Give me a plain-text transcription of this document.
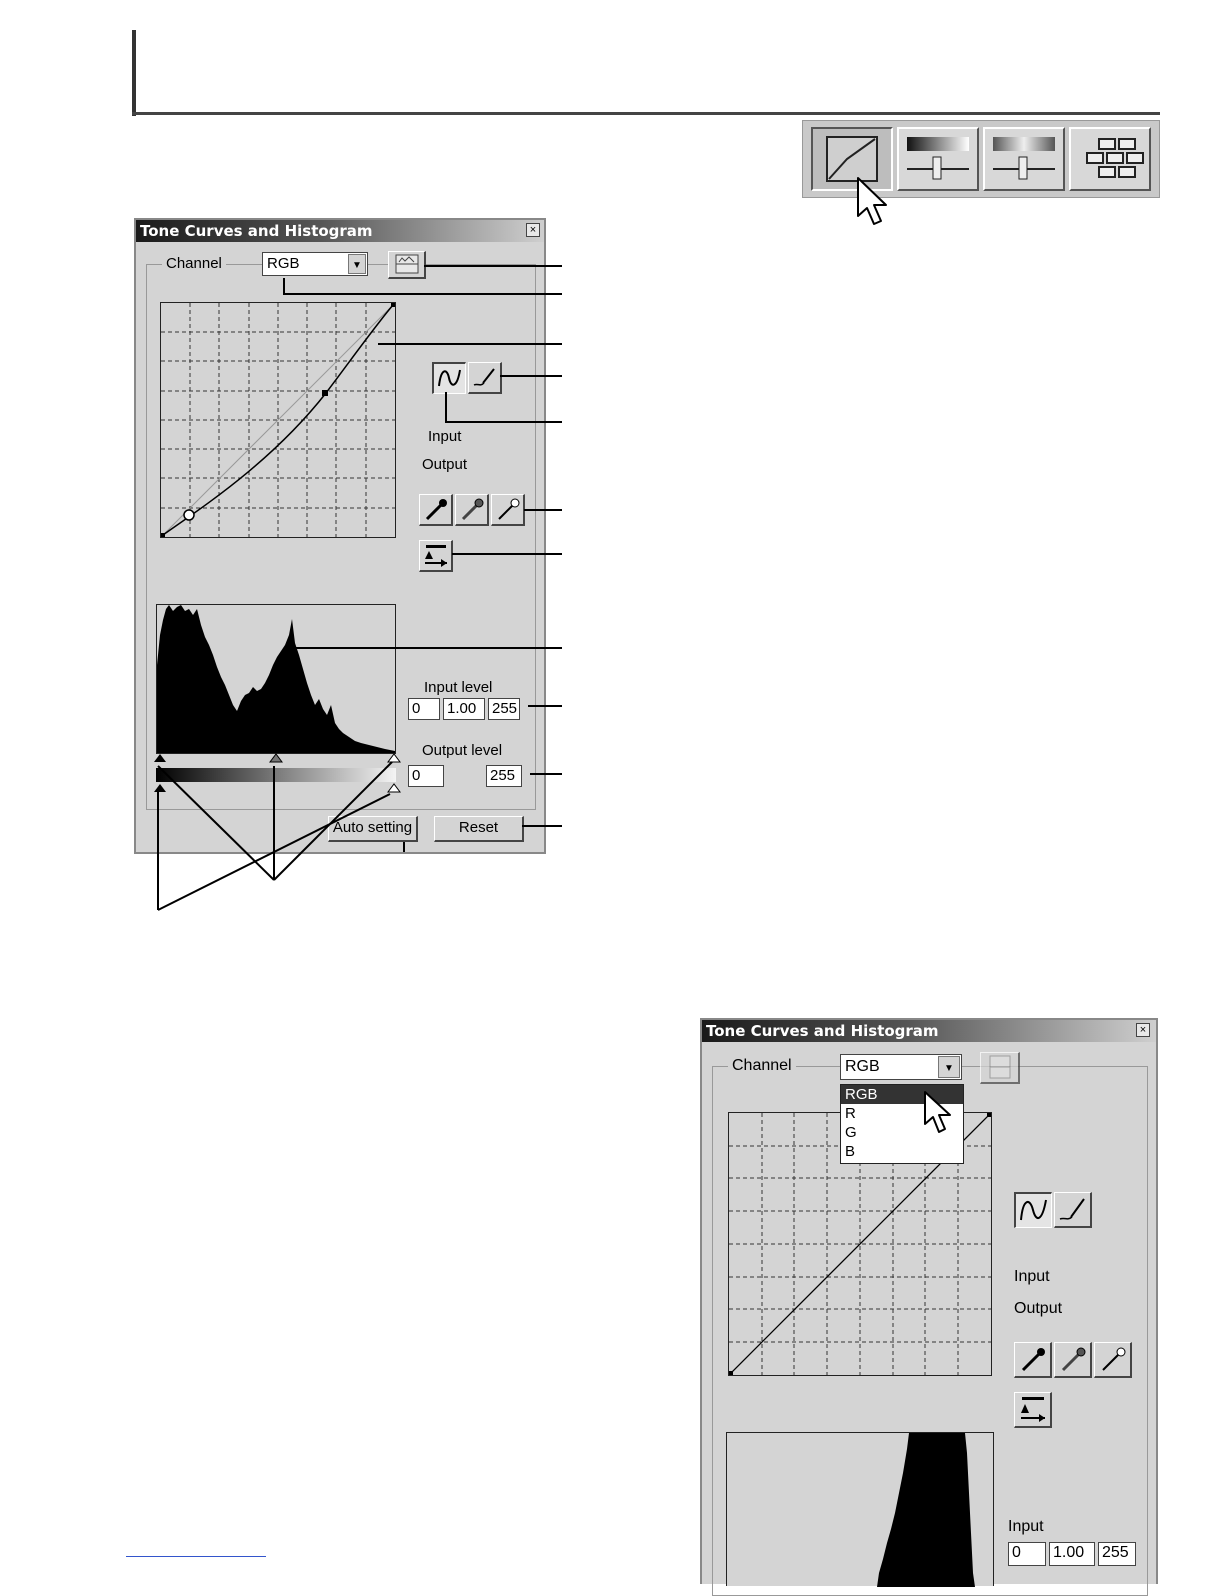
Tone Curves and Histogram	×
Channel	RGB	▼
Input
Output
Input level
0	1.00	255
Output level
0	255
Auto setting	Reset
Tone Curves and Histogram	×
Channel	RGB	▼
RGB
R
G
B
Input
Output
Input
0	1.00	255
